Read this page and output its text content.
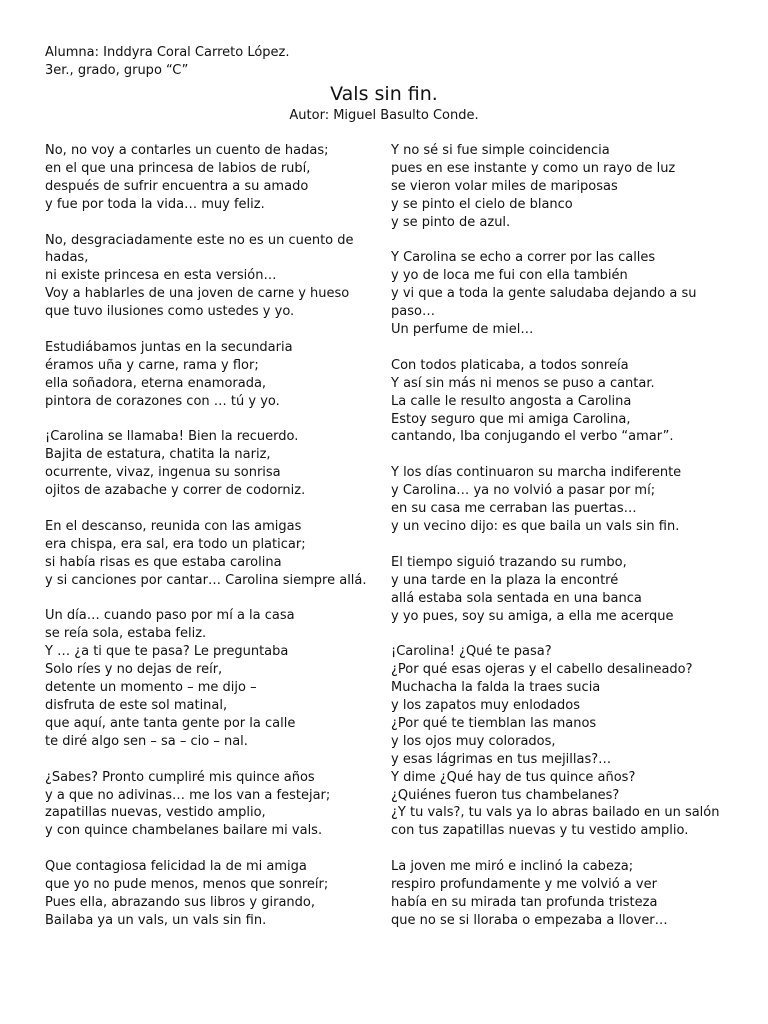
Alumna: Inddyra Coral Carreto López.
3er., grado, grupo “C”
Vals sin fin.
Autor: Miguel Basulto Conde.
No, no voy a contarles un cuento de hadas;
en el que una princesa de labios de rubí,
después de sufrir encuentra a su amado
y fue por toda la vida… muy feliz.
No, desgraciadamente este no es un cuento de hadas,
ni existe princesa en esta versión…
Voy a hablarles de una joven de carne y hueso
que tuvo ilusiones como ustedes y yo.
Estudiábamos juntas en la secundaria
éramos uña y carne, rama y flor;
ella soñadora, eterna enamorada,
pintora de corazones con … tú y yo.
¡Carolina se llamaba! Bien la recuerdo.
Bajita de estatura, chatita la nariz,
ocurrente, vivaz, ingenua su sonrisa
ojitos de azabache y correr de codorniz.
En el descanso, reunida con las amigas
era chispa, era sal, era todo un platicar;
si había risas es que estaba carolina
y si canciones por cantar… Carolina siempre allá.
Un día… cuando paso por mí a la casa
se reía sola, estaba feliz.
Y … ¿a ti que te pasa? Le preguntaba
Solo ríes y no dejas de reír,
detente un momento – me dijo –
disfruta de este sol matinal,
que aquí, ante tanta gente por la calle
te diré algo sen – sa – cio – nal.
¿Sabes? Pronto cumpliré mis quince años
y a que no adivinas… me los van a festejar;
zapatillas nuevas, vestido amplio,
y con quince chambelanes bailare mi vals.
Que contagiosa felicidad la de mi amiga
que yo no pude menos, menos que sonreír;
Pues ella, abrazando sus libros y girando,
Bailaba ya un vals, un vals sin fin.
Y no sé si fue simple coincidencia
pues en ese instante y como un rayo de luz
se vieron volar miles de mariposas
y se pinto el cielo de blanco
y se pinto de azul.
Y Carolina se echo a correr por las calles
y yo de loca me fui con ella también
y vi que a toda la gente saludaba dejando a su paso…
Un perfume de miel…
Con todos platicaba, a todos sonreía
Y así sin más ni menos se puso a cantar.
La calle le resulto angosta a Carolina
Estoy seguro que mi amiga Carolina,
cantando, Iba conjugando el verbo “amar”.
Y los días continuaron su marcha indiferente
y Carolina… ya no volvió a pasar por mí;
en su casa me cerraban las puertas…
y un vecino dijo: es que baila un vals sin fin.
El tiempo siguió trazando su rumbo,
y una tarde en la plaza la encontré
allá estaba sola sentada en una banca
y yo pues, soy su amiga, a ella me acerque
¡Carolina! ¿Qué te pasa?
¿Por qué esas ojeras y el cabello desalineado?
Muchacha la falda la traes sucia
y los zapatos muy enlodados
¿Por qué te tiemblan las manos
y los ojos muy colorados,
y esas lágrimas en tus mejillas?…
Y dime ¿Qué hay de tus quince años?
¿Quiénes fueron tus chambelanes?
¿Y tu vals?, tu vals ya lo abras bailado en un salón
con tus zapatillas nuevas y tu vestido amplio.
La joven me miró e inclinó la cabeza;
respiro profundamente y me volvió a ver
había en su mirada tan profunda tristeza
que no se si lloraba o empezaba a llover…
